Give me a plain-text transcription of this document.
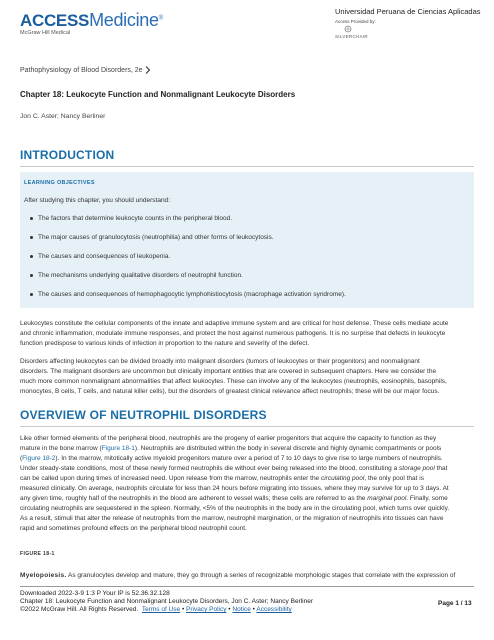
ACCESSMedicine®
McGraw Hill Medical
Universidad Peruana de Ciencias Aplicadas
Access Provided by:
SILVERCHAIR
Pathophysiology of Blood Disorders, 2e
Chapter 18: Leukocyte Function and Nonmalignant Leukocyte Disorders
Jon C. Aster; Nancy Berliner
INTRODUCTION
LEARNING OBJECTIVES
After studying this chapter, you should understand:
The factors that determine leukocyte counts in the peripheral blood.
The major causes of granulocytosis (neutrophilia) and other forms of leukocytosis.
The causes and consequences of leukopenia.
The mechanisms underlying qualitative disorders of neutrophil function.
The causes and consequences of hemophagocytic lymphohistiocytosis (macrophage activation syndrome).
Leukocytes constitute the cellular components of the innate and adaptive immune system and are critical for host defense. These cells mediate acute
and chronic inflammation, modulate immune responses, and protect the host against numerous pathogens. It is no surprise that defects in leukocyte
function predispose to various kinds of infection in proportion to the nature and severity of the defect.
Disorders affecting leukocytes can be divided broadly into malignant disorders (tumors of leukocytes or their progenitors) and nonmalignant
disorders. The malignant disorders are uncommon but clinically important entities that are covered in subsequent chapters. Here we consider the
much more common nonmalignant abnormalities that affect leukocytes. These can involve any of the leukocytes (neutrophils, eosinophils, basophils,
monocytes, B cells, T cells, and natural killer cells), but the disorders of greatest clinical relevance affect neutrophils; these will be our major focus.
OVERVIEW OF NEUTROPHIL DISORDERS
Like other formed elements of the peripheral blood, neutrophils are the progeny of earlier progenitors that acquire the capacity to function as they
mature in the bone marrow (Figure 18-1). Neutrophils are distributed within the body in several discrete and highly dynamic compartments or pools
(Figure 18-2). In the marrow, mitotically active myeloid progenitors mature over a period of 7 to 10 days to give rise to large numbers of neutrophils.
Under steady-state conditions, most of these newly formed neutrophils die without ever being released into the blood, constituting a storage pool that
can be called upon during times of increased need. Upon release from the marrow, neutrophils enter the circulating pool, the only pool that is
measured clinically. On average, neutrophils circulate for less than 24 hours before migrating into tissues, where they may survive for up to 3 days. At
any given time, roughly half of the neutrophils in the blood are adherent to vessel walls; these cells are referred to as the marginal pool. Finally, some
circulating neutrophils are sequestered in the spleen. Normally, <5% of the neutrophils in the body are in the circulating pool, which turns over quickly.
As a result, stimuli that alter the release of neutrophils from the marrow, neutrophil margination, or the migration of neutrophils into tissues can have
rapid and sometimes profound effects on the peripheral blood neutrophil count.
FIGURE 18-1
Myelopoiesis. As granulocytes develop and mature, they go through a series of recognizable morphologic stages that correlate with the expression of
Downloaded 2022-3-9 1:3 P Your IP is 52.36.32.128
Chapter 18: Leukocyte Function and Nonmalignant Leukocyte Disorders, Jon C. Aster; Nancy Berliner
©2022 McGraw Hill. All Rights Reserved. Terms of Use • Privacy Policy • Notice • Accessibility
Page 1 / 13
